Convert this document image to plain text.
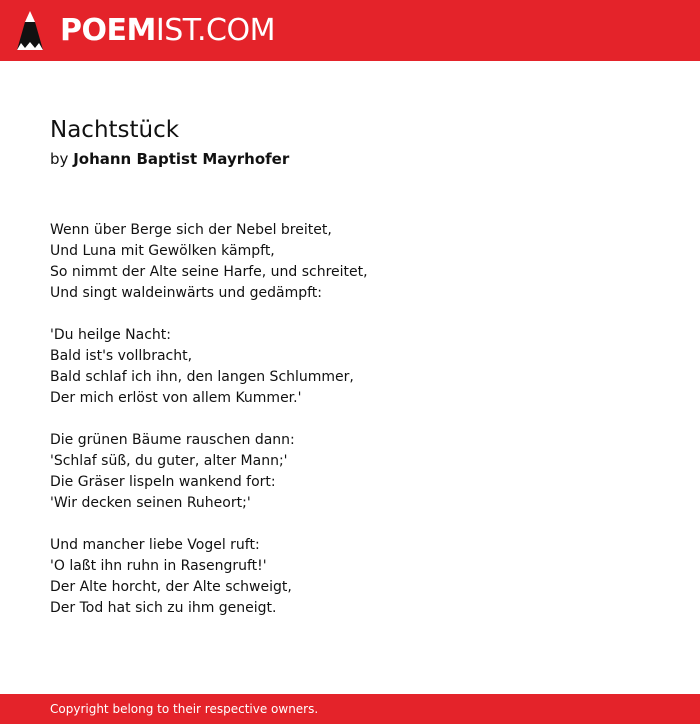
POEMIST.COM
Nachtstück
by Johann Baptist Mayrhofer

Wenn über Berge sich der Nebel breitet,
Und Luna mit Gewölken kämpft,
So nimmt der Alte seine Harfe, und schreitet,
Und singt waldeinwärts und gedämpft:

'Du heilge Nacht:
Bald ist's vollbracht,
Bald schlaf ich ihn, den langen Schlummer,
Der mich erlöst von allem Kummer.'

Die grünen Bäume rauschen dann:
'Schlaf süß, du guter, alter Mann;'
Die Gräser lispeln wankend fort:
'Wir decken seinen Ruheort;'

Und mancher liebe Vogel ruft:
'O laßt ihn ruhn in Rasengruft!'
Der Alte horcht, der Alte schweigt,
Der Tod hat sich zu ihm geneigt.

Copyright belong to their respective owners.
